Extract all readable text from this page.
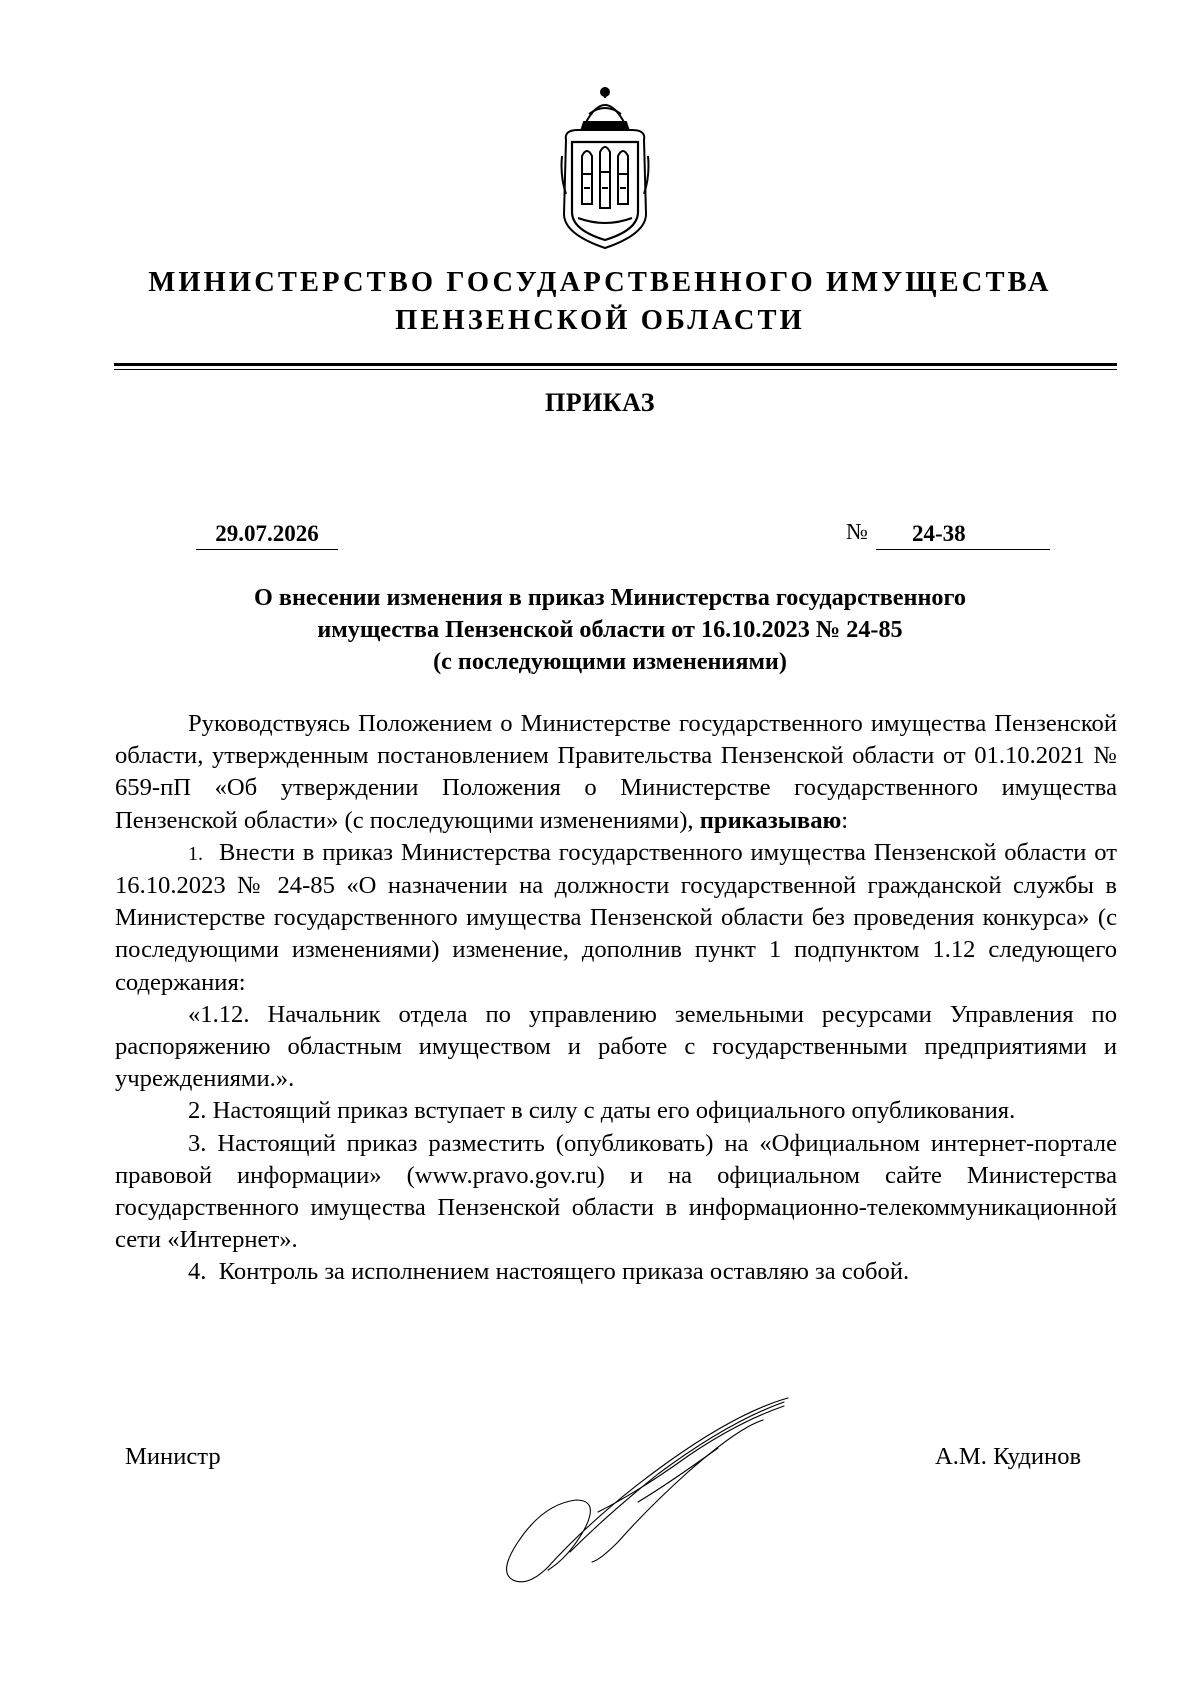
МИНИСТЕРСТВО ГОСУДАРСТВЕННОГО ИМУЩЕСТВА
ПЕНЗЕНСКОЙ ОБЛАСТИ
ПРИКАЗ
29.07.2026	№	24-38
О внесении изменения в приказ Министерства государственного
имущества Пензенской области от 16.10.2023 № 24-85
(с последующими изменениями)

Руководствуясь Положением о Министерстве государственного имущества Пензенской области, утвержденным постановлением Правительства Пензенской области от 01.10.2021 № 659-пП «Об утверждении Положения о Министерстве государственного имущества Пензенской области» (с последующими изменениями), приказываю:

1. Внести в приказ Министерства государственного имущества Пензенской области от 16.10.2023 № 24-85 «О назначении на должности государственной гражданской службы в Министерстве государственного имущества Пензенской области без проведения конкурса» (с последующими изменениями) изменение, дополнив пункт 1 подпунктом 1.12 следующего содержания:

«1.12. Начальник отдела по управлению земельными ресурсами Управления по распоряжению областным имуществом и работе с государственными предприятиями и учреждениями.».

2. Настоящий приказ вступает в силу с даты его официального опубликования.

3. Настоящий приказ разместить (опубликовать) на «Официальном интернет-портале правовой информации» (www.pravo.gov.ru) и на официальном сайте Министерства государственного имущества Пензенской области в информационно-телекоммуникационной сети «Интернет».

4.  Контроль за исполнением настоящего приказа оставляю за собой.

Министр	А.М. Кудинов
